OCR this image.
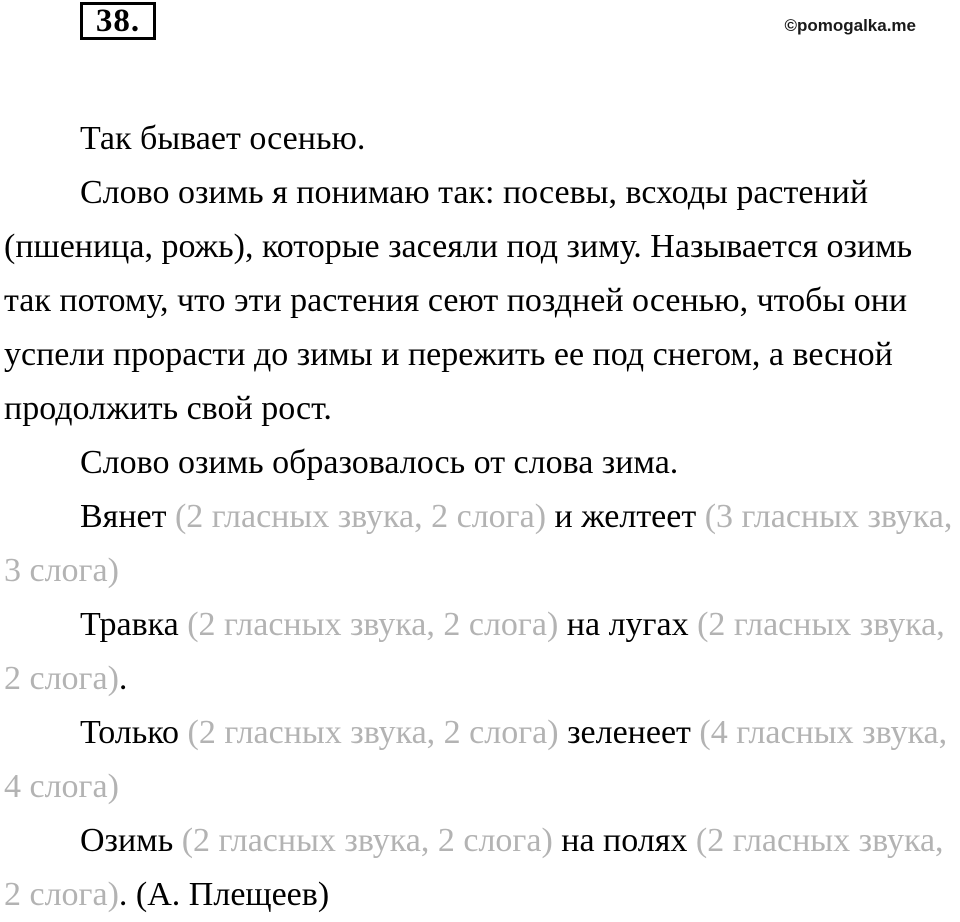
38.	©pomogalka.me

Так бывает осенью.

Слово озимь я понимаю так: посевы, всходы растений (пшеница, рожь), которые засеяли под зиму. Называется озимь так потому, что эти растения сеют поздней осенью, чтобы они успели прорасти до зимы и пережить ее под снегом, а весной продолжить свой рост.

Слово озимь образовалось от слова зима.

Вянет (2 гласных звука, 2 слога) и желтеет (3 гласных звука, 3 слога)

Травка (2 гласных звука, 2 слога) на лугах (2 гласных звука, 2 слога).

Только (2 гласных звука, 2 слога) зеленеет (4 гласных звука, 4 слога)

Озимь (2 гласных звука, 2 слога) на полях (2 гласных звука, 2 слога). (А. Плещеев)
